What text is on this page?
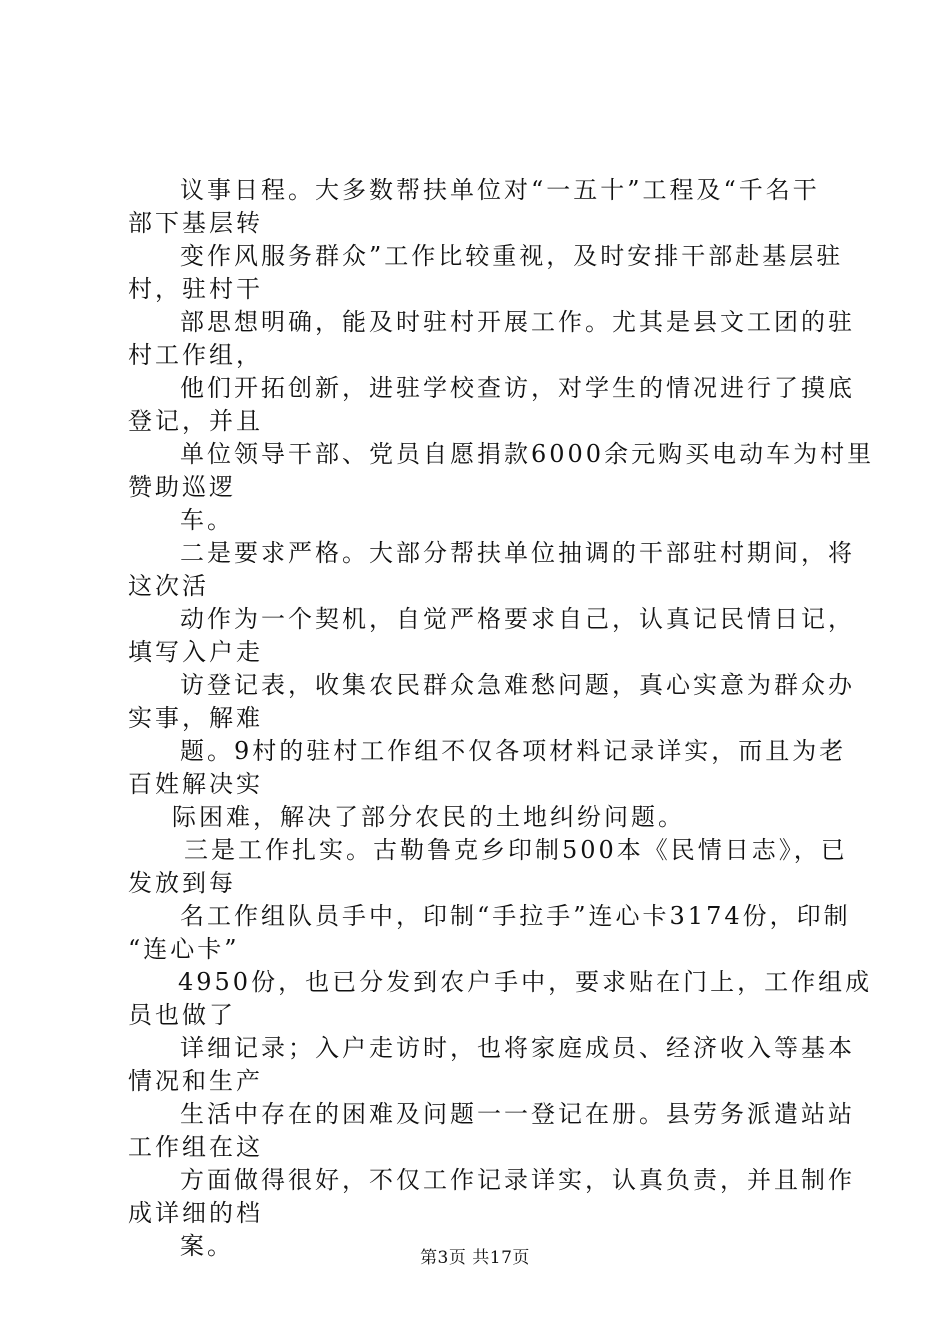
议事日程。大多数帮扶单位对“一五十”工程及“千名干
部下基层转

变作风服务群众”工作比较重视，及时安排干部赴基层驻
村，驻村干

部思想明确，能及时驻村开展工作。尤其是县文工团的驻
村工作组，

他们开拓创新，进驻学校查访，对学生的情况进行了摸底
登记，并且

单位领导干部、党员自愿捐款6000余元购买电动车为村里
赞助巡逻

车。

二是要求严格。大部分帮扶单位抽调的干部驻村期间，将
这次活

动作为一个契机，自觉严格要求自己，认真记民情日记，
填写入户走

访登记表，收集农民群众急难愁问题，真心实意为群众办
实事，解难

题。9村的驻村工作组不仅各项材料记录详实，而且为老
百姓解决实

际困难，解决了部分农民的土地纠纷问题。

三是工作扎实。古勒鲁克乡印制500本《民情日志》，已
发放到每

名工作组队员手中，印制“手拉手”连心卡3174份，印制
“连心卡”

4950份，也已分发到农户手中，要求贴在门上，工作组成
员也做了

详细记录；入户走访时，也将家庭成员、经济收入等基本
情况和生产

生活中存在的困难及问题一一登记在册。县劳务派遣站站
工作组在这

方面做得很好，不仅工作记录详实，认真负责，并且制作
成详细的档

案。	第3页 共17页
